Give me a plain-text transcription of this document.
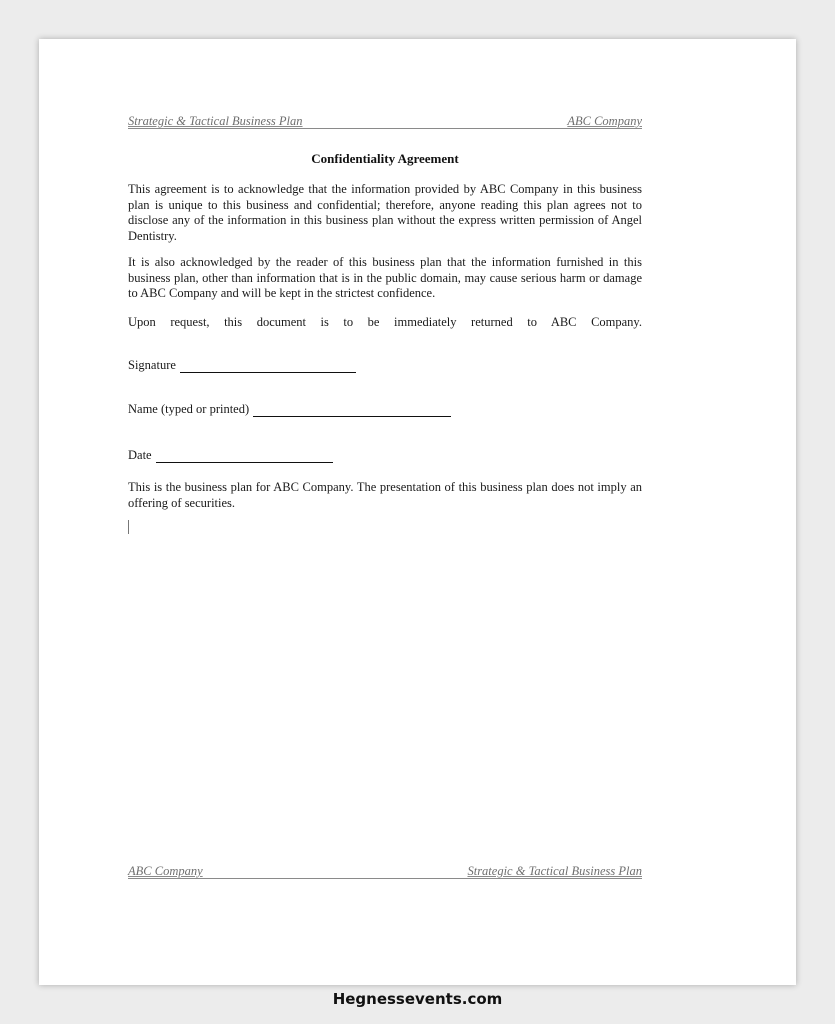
Strategic & Tactical Business Plan	ABC Company
Confidentiality Agreement

This agreement is to acknowledge that the information provided by ABC Company in this business plan is unique to this business and confidential; therefore, anyone reading this plan agrees not to disclose any of the information in this business plan without the express written permission of Angel Dentistry.

It is also acknowledged by the reader of this business plan that the information furnished in this business plan, other than information that is in the public domain, may cause serious harm or damage to ABC Company and will be kept in the strictest confidence.

Upon request, this document is to be immediately returned to ABC Company.

Signature
Name (typed or printed)
Date

This is the business plan for ABC Company. The presentation of this business plan does not imply an offering of securities.

ABC Company	Strategic & Tactical Business Plan
Hegnessevents.com
